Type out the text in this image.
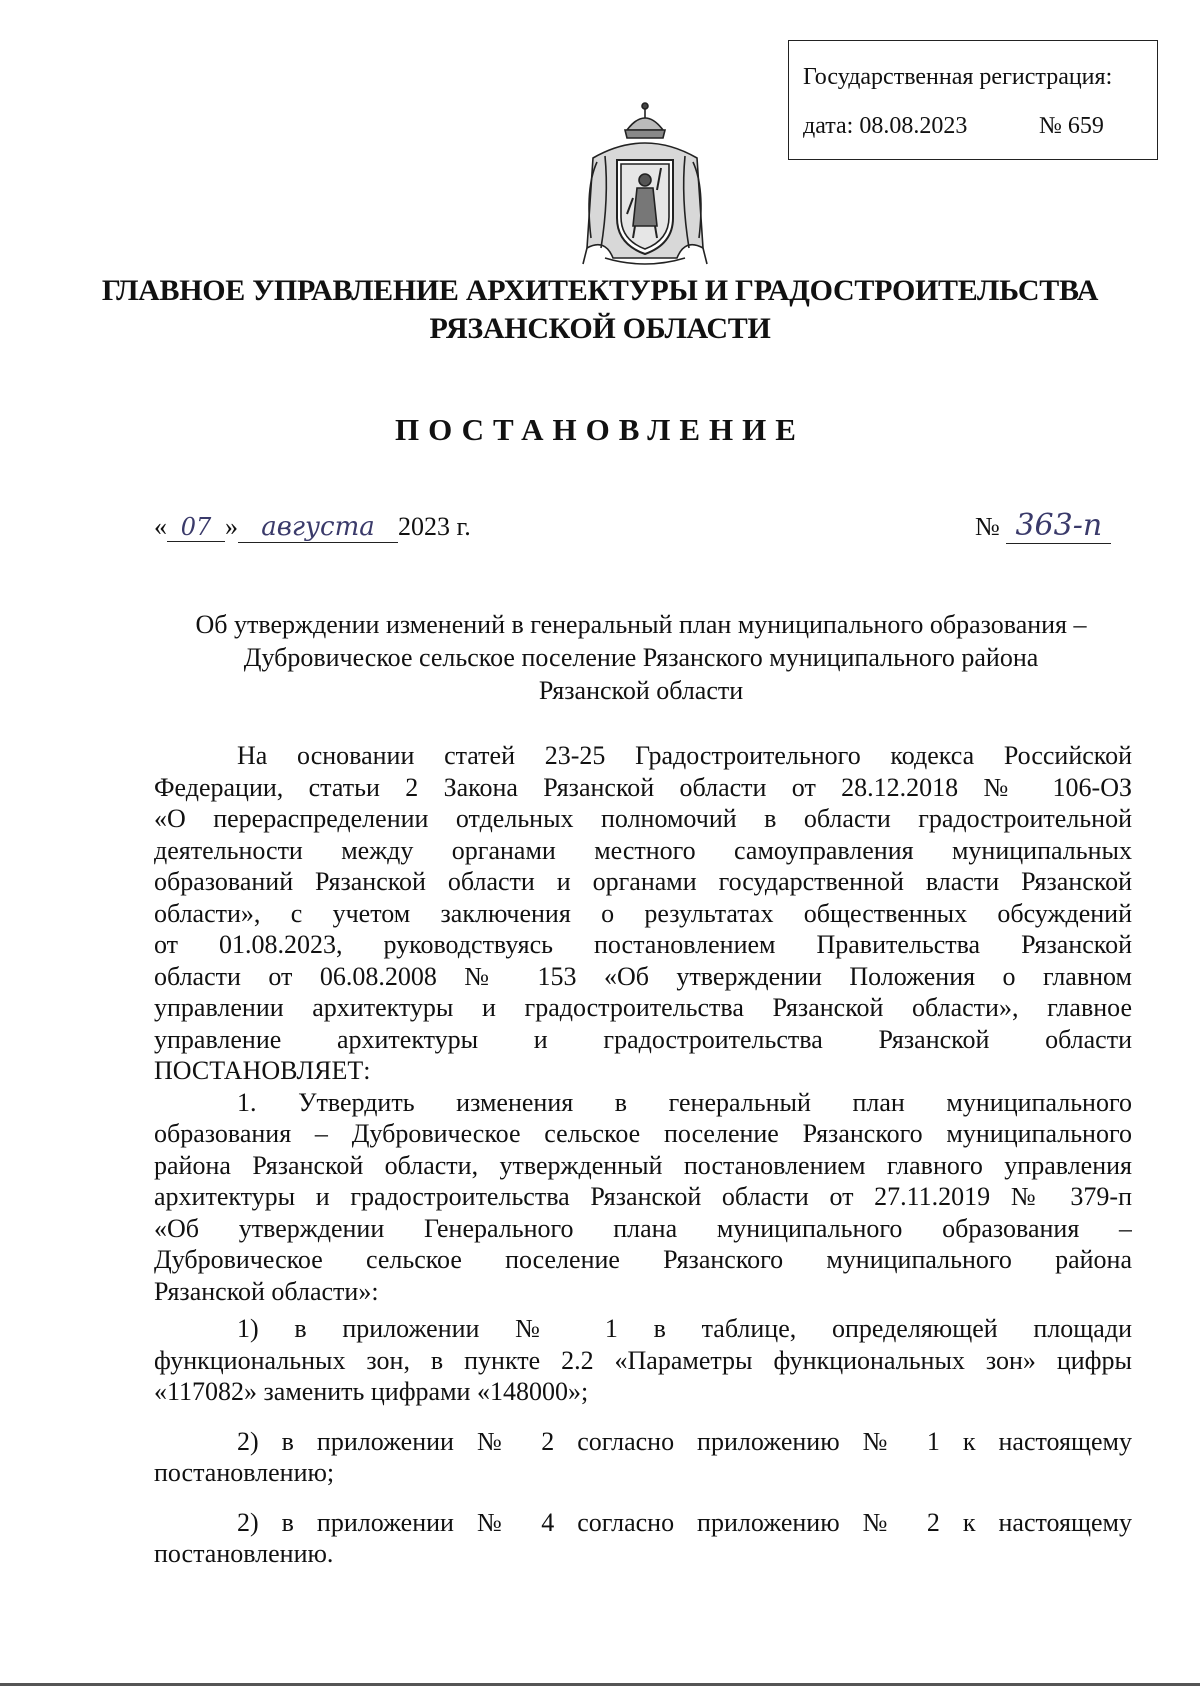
Государственная регистрация:
дата: 08.08.2023	№ 659
ГЛАВНОЕ УПРАВЛЕНИЕ АРХИТЕКТУРЫ И ГРАДОСТРОИТЕЛЬСТВА
РЯЗАНСКОЙ ОБЛАСТИ
ПОСТАНОВЛЕНИЕ
« 07 » августа 2023 г.	№ 363-п
Об утверждении изменений в генеральный план муниципального образования –
Дубровическое сельское поселение Рязанского муниципального района
Рязанской области
На основании статей 23-25 Градостроительного кодекса Российской
Федерации, статьи 2 Закона Рязанской области от 28.12.2018 № 106-ОЗ
«О перераспределении отдельных полномочий в области градостроительной
деятельности между органами местного самоуправления муниципальных
образований Рязанской области и органами государственной власти Рязанской
области», с учетом заключения о результатах общественных обсуждений
от 01.08.2023, руководствуясь постановлением Правительства Рязанской
области от 06.08.2008 № 153 «Об утверждении Положения о главном
управлении архитектуры и градостроительства Рязанской области», главное
управление архитектуры и градостроительства Рязанской области
ПОСТАНОВЛЯЕТ:
1. Утвердить изменения в генеральный план муниципального
образования – Дубровическое сельское поселение Рязанского муниципального
района Рязанской области, утвержденный постановлением главного управления
архитектуры и градостроительства Рязанской области от 27.11.2019 № 379-п
«Об утверждении Генерального плана муниципального образования –
Дубровическое сельское поселение Рязанского муниципального района
Рязанской области»:
1) в приложении № 1 в таблице, определяющей площади
функциональных зон, в пункте 2.2 «Параметры функциональных зон» цифры
«117082» заменить цифрами «148000»;
2) в приложении № 2 согласно приложению № 1 к настоящему
постановлению;
2) в приложении № 4 согласно приложению № 2 к настоящему
постановлению.
